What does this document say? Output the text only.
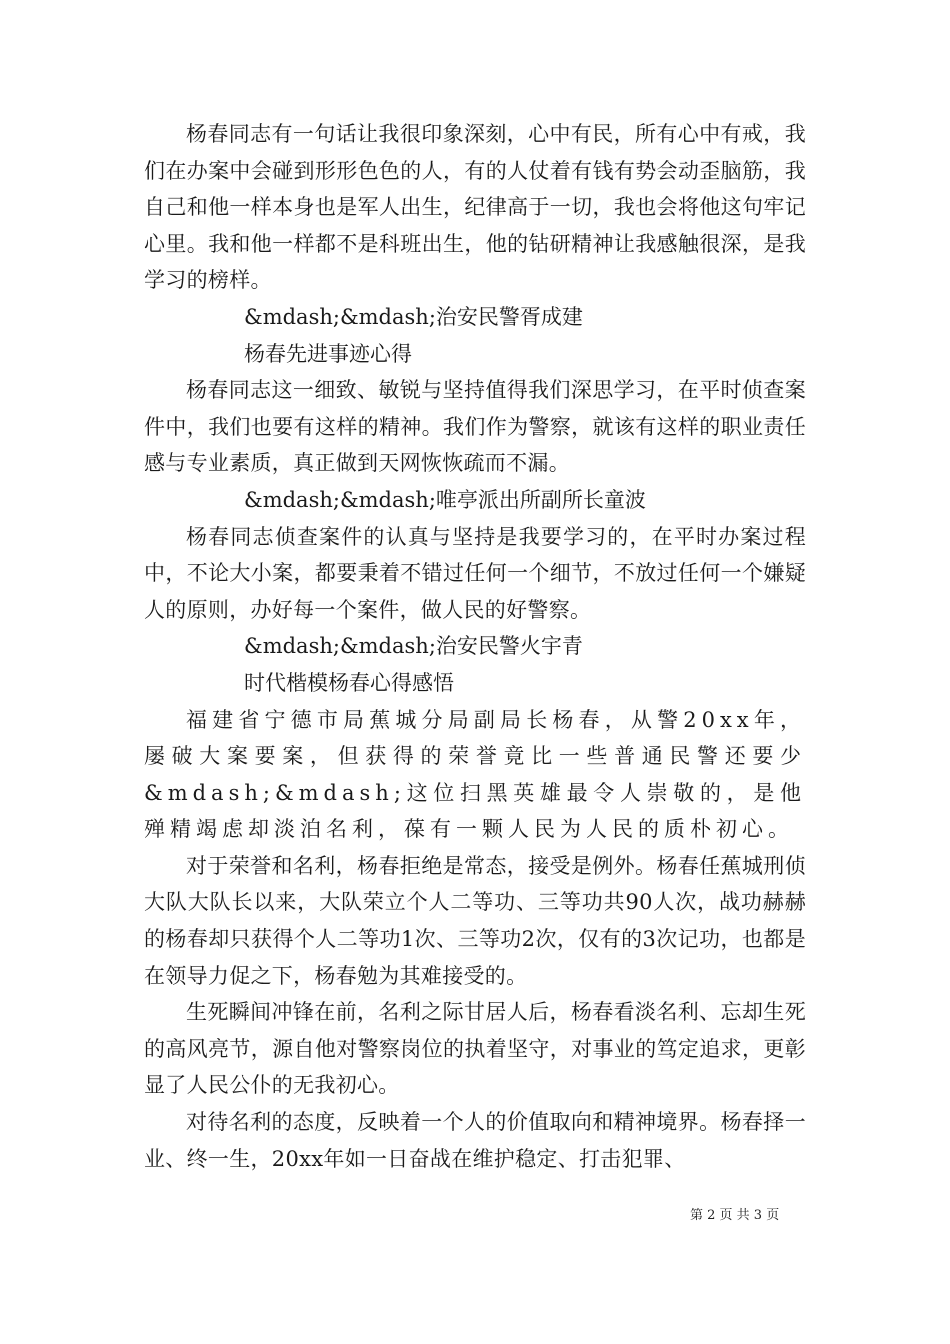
杨春同志有一句话让我很印象深刻，心中有民，所有心中有戒，我们在办案中会碰到形形色色的人，有的人仗着有钱有势会动歪脑筋，我自己和他一样本身也是军人出生，纪律高于一切，我也会将他这句牢记心里。我和他一样都不是科班出生，他的钻研精神让我感触很深，是我学习的榜样。

&mdash;&mdash;治安民警胥成建

杨春先进事迹心得

杨春同志这一细致、敏锐与坚持值得我们深思学习，在平时侦查案件中，我们也要有这样的精神。我们作为警察，就该有这样的职业责任感与专业素质，真正做到天网恢恢疏而不漏。

&mdash;&mdash;唯亭派出所副所长童波

杨春同志侦查案件的认真与坚持是我要学习的，在平时办案过程中，不论大小案，都要秉着不错过任何一个细节，不放过任何一个嫌疑人的原则，办好每一个案件，做人民的好警察。

&mdash;&mdash;治安民警火宇青

时代楷模杨春心得感悟

福建省宁德市局蕉城分局副局长杨春，从警20xx年，屡破大案要案，但获得的荣誉竟比一些普通民警还要少&mdash;&mdash;这位扫黑英雄最令人崇敬的，是他殚精竭虑却淡泊名利，葆有一颗人民为人民的质朴初心。

对于荣誉和名利，杨春拒绝是常态，接受是例外。杨春任蕉城刑侦大队大队长以来，大队荣立个人二等功、三等功共90人次，战功赫赫的杨春却只获得个人二等功1次、三等功2次，仅有的3次记功，也都是在领导力促之下，杨春勉为其难接受的。

生死瞬间冲锋在前，名利之际甘居人后，杨春看淡名利、忘却生死的高风亮节，源自他对警察岗位的执着坚守，对事业的笃定追求，更彰显了人民公仆的无我初心。

对待名利的态度，反映着一个人的价值取向和精神境界。杨春择一业、终一生，20xx年如一日奋战在维护稳定、打击犯罪、

第 2 页 共 3 页
